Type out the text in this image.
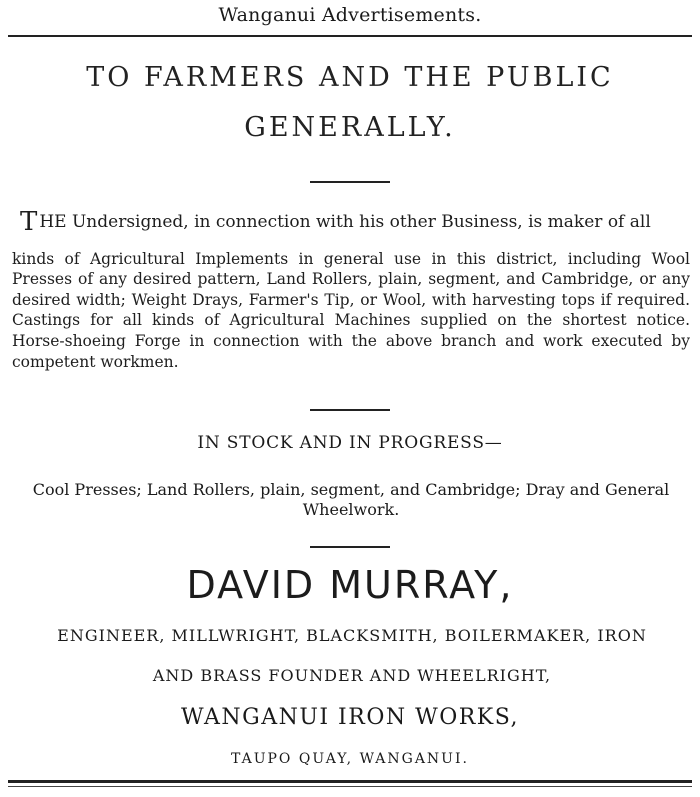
Wanganui Advertisements.
TO FARMERS AND THE PUBLIC
GENERALLY.
THE Undersigned, in connection with his other Business, is maker of all
kinds of Agricultural Implements in general use in this district, including Wool Presses of any desired pattern, Land Rollers, plain, segment, and Cambridge, or any desired width; Weight Drays, Farmer's Tip, or Wool, with harvesting tops if required. Castings for all kinds of Agricultural Machines supplied on the shortest notice. Horse-shoeing Forge in connection with the above branch and work executed by competent workmen.
IN STOCK AND IN PROGRESS—
Cool Presses; Land Rollers, plain, segment, and Cambridge; Dray and General Wheelwork.
DAVID MURRAY,
ENGINEER, MILLWRIGHT, BLACKSMITH, BOILERMAKER, IRON
AND BRASS FOUNDER AND WHEELRIGHT,
WANGANUI IRON WORKS,
TAUPO QUAY, WANGANUI.
